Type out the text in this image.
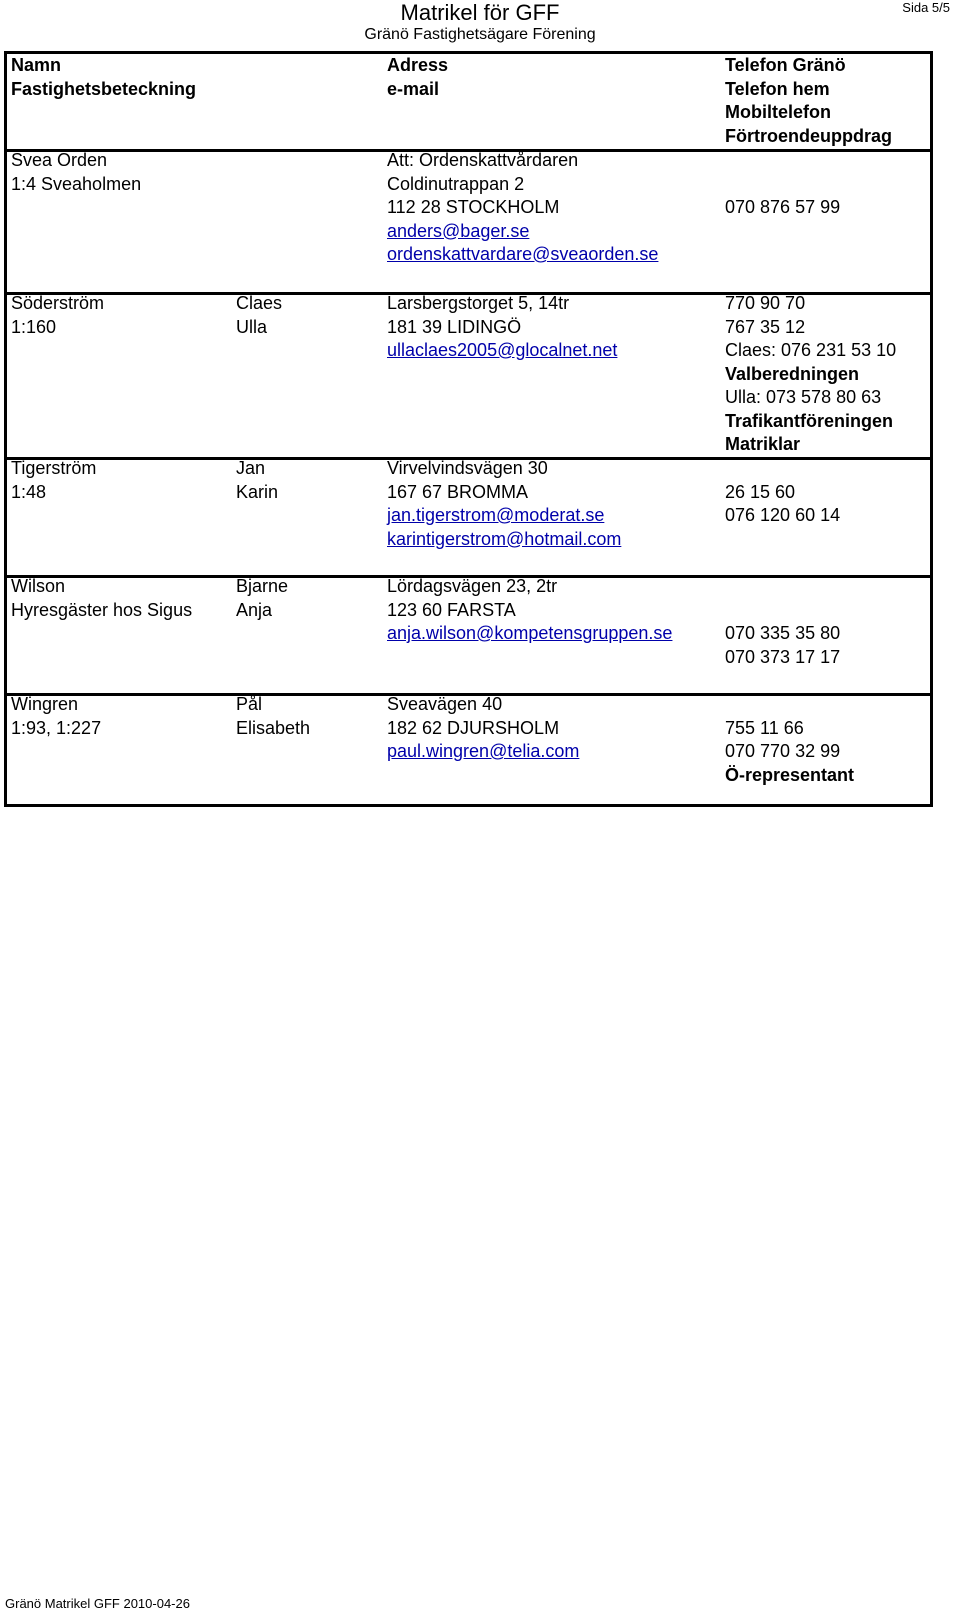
Sida 5/5
Matrikel för GFF
Gränö Fastighetsägare Förening
Namn
Fastighetsbeteckning
Adress
e-mail
Telefon Gränö
Telefon hem
Mobiltelefon
Förtroendeuppdrag
Svea Orden
1:4 Sveaholmen
Att: Ordenskattvårdaren
Coldinutrappan 2
112 28 STOCKHOLM
anders@bager.se
ordenskattvardare@sveaorden.se
070 876 57 99
Söderström
1:160
Claes
Ulla
Larsbergstorget 5, 14tr
181 39 LIDINGÖ
ullaclaes2005@glocalnet.net
770 90 70
767 35 12
Claes: 076 231 53 10
Valberedningen
Ulla: 073 578 80 63
Trafikantföreningen
Matriklar
Tigerström
1:48
Jan
Karin
Virvelvindsvägen 30
167 67 BROMMA
jan.tigerstrom@moderat.se
karintigerstrom@hotmail.com
26 15 60
076 120 60 14
Wilson
Hyresgäster hos Sigus
Bjarne
Anja
Lördagsvägen 23, 2tr
123 60 FARSTA
anja.wilson@kompetensgruppen.se	070 335 35 80
070 373 17 17
Wingren
1:93, 1:227
Pål
Elisabeth
Sveavägen 40
182 62 DJURSHOLM
paul.wingren@telia.com
755 11 66
070 770 32 99
Ö-representant
Gränö Matrikel GFF 2010-04-26
